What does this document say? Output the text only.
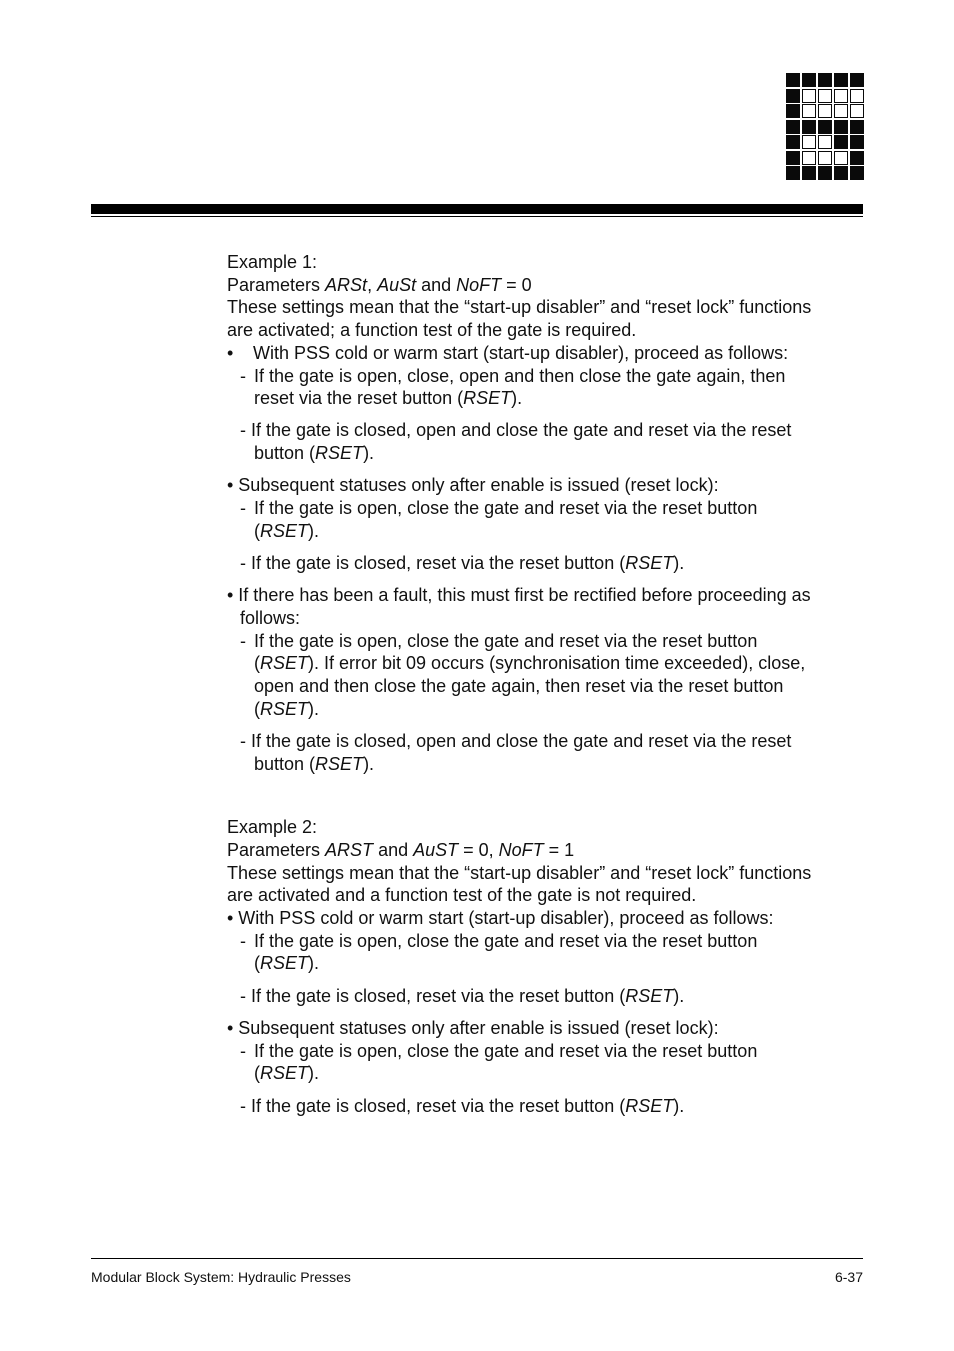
Example 1:
Parameters ARSt, AuSt and NoFT = 0
These settings mean that the “start-up disabler” and “reset lock” functions
are activated; a function test of the gate is required.
• With PSS cold or warm start (start-up disabler), proceed as follows:
- If the gate is open, close, open and then close the gate again, then
reset via the reset button (RSET).
- If the gate is closed, open and close the gate and reset via the reset
button (RSET).
• Subsequent statuses only after enable is issued (reset lock):
- If the gate is open, close the gate and reset via the reset button
(RSET).
- If the gate is closed, reset via the reset button (RSET).
• If there has been a fault, this must first be rectified before proceeding as
follows:
- If the gate is open, close the gate and reset via the reset button
(RSET). If error bit 09 occurs (synchronisation time exceeded), close,
open and then close the gate again, then reset via the reset button
(RSET).
- If the gate is closed, open and close the gate and reset via the reset
button (RSET).
Example 2:
Parameters ARST and AuST = 0, NoFT = 1
These settings mean that the “start-up disabler” and “reset lock” functions
are activated and a function test of the gate is not required.
• With PSS cold or warm start (start-up disabler), proceed as follows:
- If the gate is open, close the gate and reset via the reset button
(RSET).
- If the gate is closed, reset via the reset button (RSET).
• Subsequent statuses only after enable is issued (reset lock):
- If the gate is open, close the gate and reset via the reset button
(RSET).
- If the gate is closed, reset via the reset button (RSET).
Modular Block System: Hydraulic Presses	6-37
